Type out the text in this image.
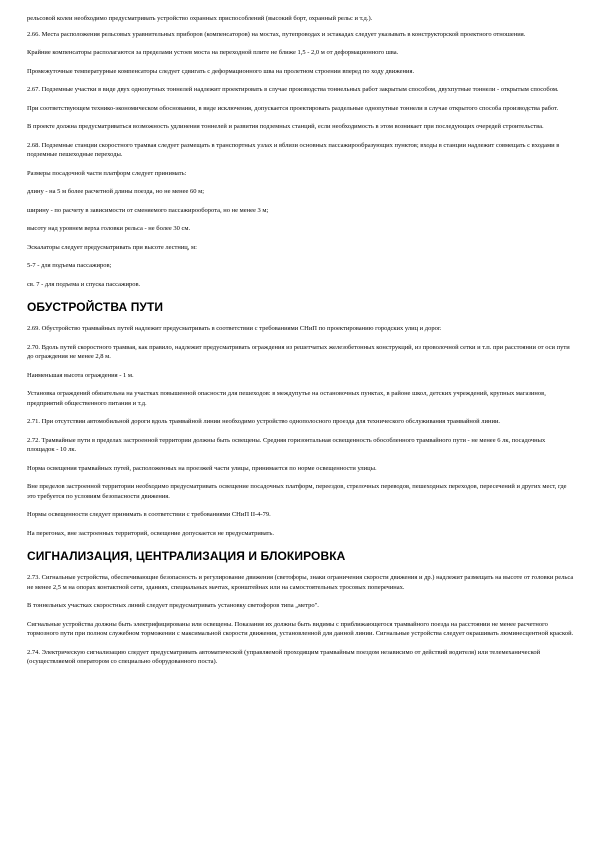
рельсовой колеи необходимо предусматривать устройство охранных приспособлений (высокий борт, охранный рельс и т.д.).

2.66. Места расположения рельсовых уравнительных приборов (компенсаторов) на мостах, путепроводах и эстакадах следует указывать в конструкторской проектного отношения.

Крайние компенсаторы располагаются за пределами устоев моста на переходной плите не ближе 1,5 - 2,0 м от деформационного шва.

Промежуточные температурные компенсаторы следует сдвигать с деформационного шва на пролетном строении вперед по ходу движения.

2.67. Подземные участки в виде двух однопутных тоннелей надлежит проектировать в случае производства тоннельных работ закрытым способом, двухпутные тоннели - открытым способом.

При соответствующем технико-экономическом обосновании, в виде исключения, допускается проектировать раздельные однопутные тоннели в случае открытого способа производства работ.

В проекте должна предусматриваться возможность удлинения тоннелей и развития подземных станций, если необходимость в этом возникает при последующих очередей строительства.

2.68. Подземные станции скоростного трамвая следует размещать в транспортных узлах и вблизи основных пассажирообразующих пунктов; входы в станции надлежит совмещать с входами в подземные пешеходные переходы.

Размеры посадочной части платформ следует принимать:

длину - на 5 м более расчетной длины поезда, но не менее 60 м;

ширину - по расчету в зависимости от сменяемого пассажирооборота, но не менее 3 м;

высоту над уровнем верха головки рельса - не более 30 см.

Эскалаторы следует предусматривать при высоте лестниц, м:

5-7 - для подъема пассажиров;

св. 7 - для подъема и спуска пассажиров.

ОБУСТРОЙСТВА ПУТИ

2.69. Обустройство трамвайных путей надлежит предусматривать в соответствии с требованиями СНиП по проектированию городских улиц и дорог.

2.70. Вдоль путей скоростного трамвая, как правило, надлежит предусматривать ограждения из решетчатых железобетонных конструкций, из проволочной сетки и т.п. при расстоянии от оси пути до ограждения не менее 2,8 м.

Наименьшая высота ограждения - 1 м.

Установка ограждений обязательна на участках повышенной опасности для пешеходов: в междупутье на остановочных пунктах, в районе школ, детских учреждений, крупных магазинов, предприятий общественного питания и т.д.

2.71. При отсутствии автомобильной дороги вдоль трамвайной линии необходимо устройство однополосного проезда для технического обслуживания трамвайной линии.

2.72. Трамвайные пути в пределах застроенной территории должны быть освещены. Средняя горизонтальная освещенность обособленного трамвайного пути - не менее 6 лк, посадочных площадок - 10 лк.

Норма освещения трамвайных путей, расположенных на проезжей части улицы, принимается по норме освещенности улицы.

Вне пределов застроенной территории необходимо предусматривать освещение посадочных платформ, переездов, стрелочных переводов, пешеходных переходов, пересечений и других мест, где это требуется по условиям безопасности движения.

Нормы освещенности следует принимать в соответствии с требованиями СНиП II-4-79.

На перегонах, вне застроенных территорий, освещение допускается не предусматривать.

СИГНАЛИЗАЦИЯ, ЦЕНТРАЛИЗАЦИЯ И БЛОКИРОВКА

2.73. Сигнальные устройства, обеспечивающие безопасность и регулирование движения (светофоры, знаки ограничения скорости движения и др.) надлежит размещать на высоте от головки рельса не менее 2,5 м на опорах контактной сети, зданиях, специальных мачтах, кронштейнах или на самостоятельных тросовых поперечинах.

В тоннельных участках скоростных линий следует предусматривать установку светофоров типа „метро".

Сигнальные устройства должны быть электрифицированы или освещены. Показания их должны быть видимы с приближающегося трамвайного поезда на расстоянии не менее расчетного тормозного пути при полном служебном торможении с максимальной скорости движения, установленной для данной линии. Сигнальные устройства следует окрашивать люминесцентной краской.

2.74. Электрическую сигнализацию следует предусматривать автоматической (управляемой проходящим трамвайным поездом независимо от действий водителя) или телемеханической (осуществляемой оператором со специально оборудованного поста).
